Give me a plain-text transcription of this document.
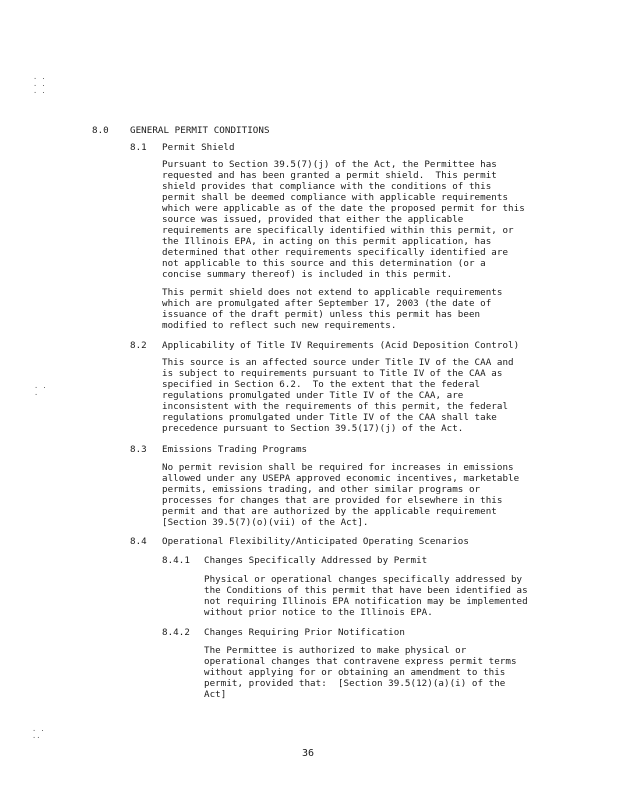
. .
. .
. .
. .
.
. .
..
8.0 GENERAL PERMIT CONDITIONS
8.1 Permit Shield
Pursuant to Section 39.5(7)(j) of the Act, the Permittee has
requested and has been granted a permit shield.  This permit
shield provides that compliance with the conditions of this
permit shall be deemed compliance with applicable requirements
which were applicable as of the date the proposed permit for this
source was issued, provided that either the applicable
requirements are specifically identified within this permit, or
the Illinois EPA, in acting on this permit application, has
determined that other requirements specifically identified are
not applicable to this source and this determination (or a
concise summary thereof) is included in this permit.
This permit shield does not extend to applicable requirements
which are promulgated after September 17, 2003 (the date of
issuance of the draft permit) unless this permit has been
modified to reflect such new requirements.
8.2 Applicability of Title IV Requirements (Acid Deposition Control)
This source is an affected source under Title IV of the CAA and
is subject to requirements pursuant to Title IV of the CAA as
specified in Section 6.2.  To the extent that the federal
regulations promulgated under Title IV of the CAA, are
inconsistent with the requirements of this permit, the federal
regulations promulgated under Title IV of the CAA shall take
precedence pursuant to Section 39.5(17)(j) of the Act.
8.3 Emissions Trading Programs
No permit revision shall be required for increases in emissions
allowed under any USEPA approved economic incentives, marketable
permits, emissions trading, and other similar programs or
processes for changes that are provided for elsewhere in this
permit and that are authorized by the applicable requirement
[Section 39.5(7)(o)(vii) of the Act].
8.4 Operational Flexibility/Anticipated Operating Scenarios
8.4.1 Changes Specifically Addressed by Permit
Physical or operational changes specifically addressed by
the Conditions of this permit that have been identified as
not requiring Illinois EPA notification may be implemented
without prior notice to the Illinois EPA.
8.4.2 Changes Requiring Prior Notification
The Permittee is authorized to make physical or
operational changes that contravene express permit terms
without applying for or obtaining an amendment to this
permit, provided that:  [Section 39.5(12)(a)(i) of the
Act]
36
